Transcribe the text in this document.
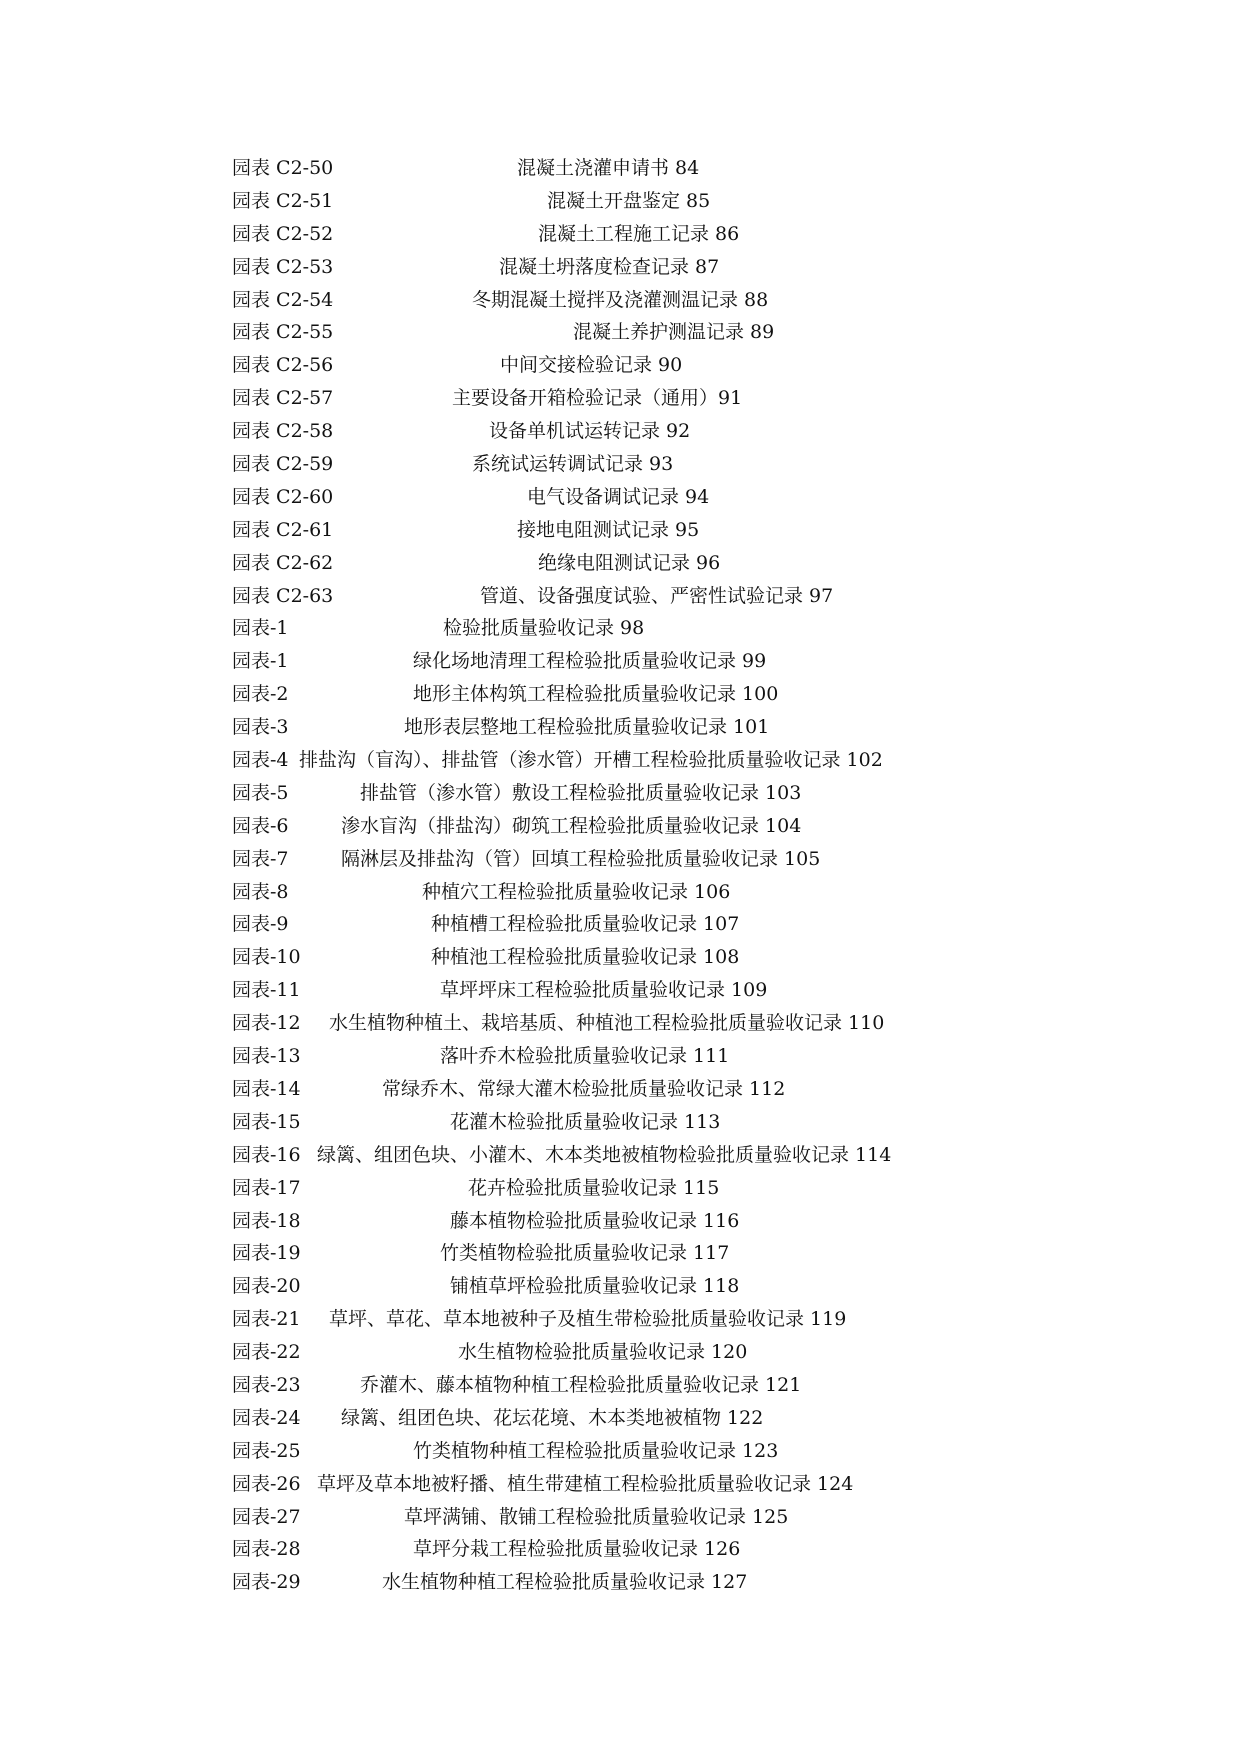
园表 C2-50	混凝土浇灌申请书 84
园表 C2-51	混凝土开盘鉴定 85
园表 C2-52	混凝土工程施工记录 86
园表 C2-53	混凝土坍落度检查记录 87
园表 C2-54	冬期混凝土搅拌及浇灌测温记录 88
园表 C2-55	混凝土养护测温记录 89
园表 C2-56	中间交接检验记录 90
园表 C2-57	主要设备开箱检验记录（通用）91
园表 C2-58	设备单机试运转记录 92
园表 C2-59	系统试运转调试记录 93
园表 C2-60	电气设备调试记录 94
园表 C2-61	接地电阻测试记录 95
园表 C2-62	绝缘电阻测试记录 96
园表 C2-63	管道、设备强度试验、严密性试验记录 97
园表-1	检验批质量验收记录 98
园表-1	绿化场地清理工程检验批质量验收记录 99
园表-2	地形主体构筑工程检验批质量验收记录 100
园表-3	地形表层整地工程检验批质量验收记录 101
园表-4 排盐沟（盲沟）、排盐管（渗水管）开槽工程检验批质量验收记录 102
园表-5	排盐管（渗水管）敷设工程检验批质量验收记录 103
园表-6	渗水盲沟（排盐沟）砌筑工程检验批质量验收记录 104
园表-7	隔淋层及排盐沟（管）回填工程检验批质量验收记录 105
园表-8	种植穴工程检验批质量验收记录 106
园表-9	种植槽工程检验批质量验收记录 107
园表-10	种植池工程检验批质量验收记录 108
园表-11	草坪坪床工程检验批质量验收记录 109
园表-12 水生植物种植土、栽培基质、种植池工程检验批质量验收记录 110
园表-13	落叶乔木检验批质量验收记录 111
园表-14	常绿乔木、常绿大灌木检验批质量验收记录 112
园表-15	花灌木检验批质量验收记录 113
园表-16 绿篱、组团色块、小灌木、木本类地被植物检验批质量验收记录 114
园表-17	花卉检验批质量验收记录 115
园表-18	藤本植物检验批质量验收记录 116
园表-19	竹类植物检验批质量验收记录 117
园表-20	铺植草坪检验批质量验收记录 118
园表-21 草坪、草花、草本地被种子及植生带检验批质量验收记录 119
园表-22	水生植物检验批质量验收记录 120
园表-23	乔灌木、藤本植物种植工程检验批质量验收记录 121
园表-24 绿篱、组团色块、花坛花境、木本类地被植物 122
园表-25	竹类植物种植工程检验批质量验收记录 123
园表-26 草坪及草本地被籽播、植生带建植工程检验批质量验收记录 124
园表-27	草坪满铺、散铺工程检验批质量验收记录 125
园表-28	草坪分栽工程检验批质量验收记录 126
园表-29	水生植物种植工程检验批质量验收记录 127
